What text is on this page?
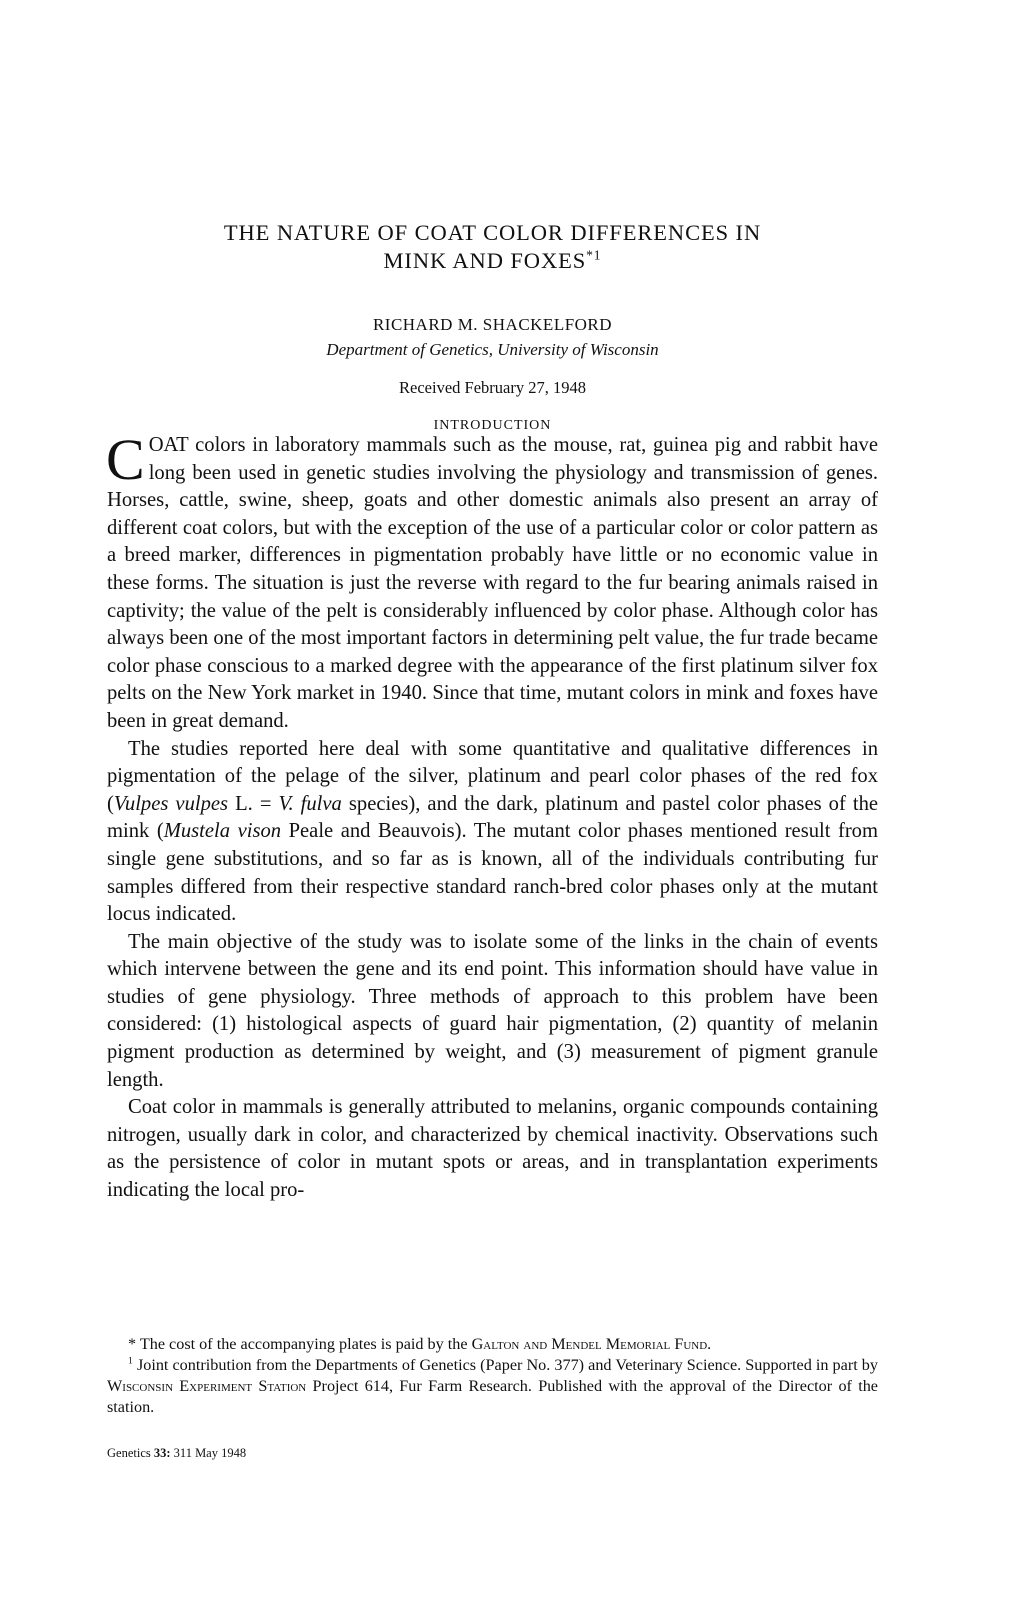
THE NATURE OF COAT COLOR DIFFERENCES IN
MINK AND FOXES$^{*1}$
RICHARD M. SHACKELFORD
Department of Genetics, University of Wisconsin
Received February 27, 1948
INTRODUCTION

COAT colors in laboratory mammals such as the mouse, rat, guinea pig and rabbit have long been used in genetic studies involving the physiology and transmission of genes. Horses, cattle, swine, sheep, goats and other domestic animals also present an array of different coat colors, but with the exception of the use of a particular color or color pattern as a breed marker, differences in pigmentation probably have little or no economic value in these forms. The situation is just the reverse with regard to the fur bearing animals raised in captivity; the value of the pelt is considerably influenced by color phase. Although color has always been one of the most important factors in determining pelt value, the fur trade became color phase conscious to a marked degree with the appearance of the first platinum silver fox pelts on the New York market in 1940. Since that time, mutant colors in mink and foxes have been in great demand.

The studies reported here deal with some quantitative and qualitative differences in pigmentation of the pelage of the silver, platinum and pearl color phases of the red fox (Vulpes vulpes L. = V. fulva species), and the dark, platinum and pastel color phases of the mink (Mustela vison Peale and Beauvois). The mutant color phases mentioned result from single gene substitutions, and so far as is known, all of the individuals contributing fur samples differed from their respective standard ranch-bred color phases only at the mutant locus indicated.

The main objective of the study was to isolate some of the links in the chain of events which intervene between the gene and its end point. This information should have value in studies of gene physiology. Three methods of approach to this problem have been considered: (1) histological aspects of guard hair pigmentation, (2) quantity of melanin pigment production as determined by weight, and (3) measurement of pigment granule length.

Coat color in mammals is generally attributed to melanins, organic compounds containing nitrogen, usually dark in color, and characterized by chemical inactivity. Observations such as the persistence of color in mutant spots or areas, and in transplantation experiments indicating the local pro-

* The cost of the accompanying plates is paid by the Galton and Mendel Memorial Fund.

$^1$ Joint contribution from the Departments of Genetics (Paper No. 377) and Veterinary Science. Supported in part by Wisconsin Experiment Station Project 614, Fur Farm Research. Published with the approval of the Director of the station.

Genetics 33: 311 May 1948
